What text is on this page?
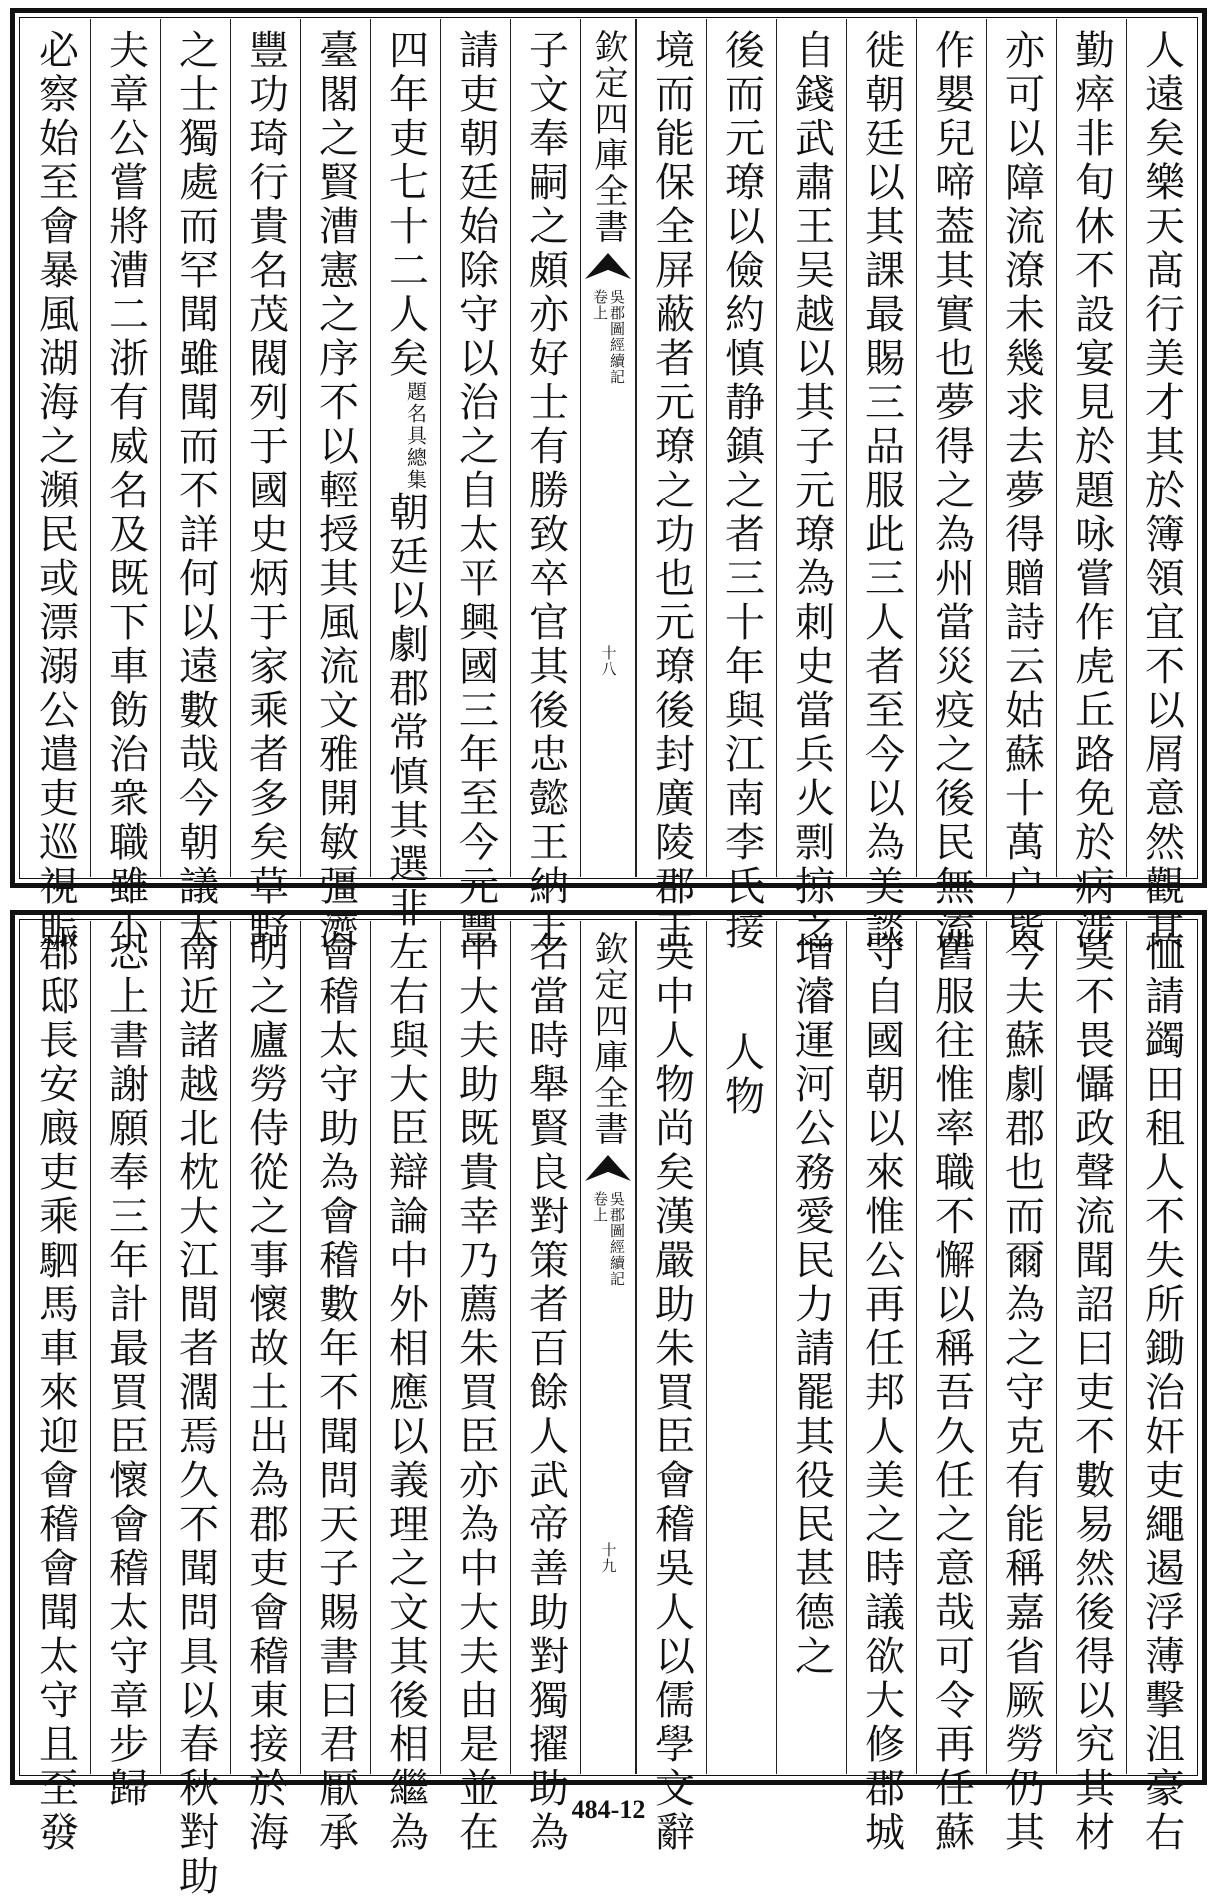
人遠矣樂天髙行美才其於簿領宜不以屑意然觀其
勤瘁非旬休不設宴見於題咏嘗作虎丘路免於病涉
亦可以障流潦未幾求去夢得贈詩云姑蘇十萬户皆
作嬰兒啼葢其實也夢得之為州當災疫之後民無流
徙朝廷以其課最賜三品服此三人者至今以為美談
自錢武肅王吴越以其子元璙為刺史當兵火剽掠之
後而元璙以儉約慎静鎮之者三十年與江南李氏接
境而能保全屏蔽者元璙之功也元璙後封廣陵郡王
欽定四庫全書
吳郡圖經續記
卷上
十八
子文奉嗣之頗亦好士有勝致卒官其後忠懿王納土
請吏朝廷始除守以治之自太平興國三年至今元豐
四年吏七十二人矣
題名具總集
朝廷以劇郡常慎其選非
臺閣之賢漕憲之序不以輕授其風流文雅開敏彊濟
豐功琦行貴名茂閥列于國史炳于家乘者多矣草野
之士獨處而罕聞雖聞而不詳何以遠數哉今朝議大
夫章公嘗將漕二浙有威名及既下車飭治衆職雖小
必察始至會暴風湖海之瀕民或漂溺公遣吏巡視賑
恤請蠲田租人不失所鋤治奸吏繩遏浮薄擊沮豪右
莫不畏懾政聲流聞詔曰吏不數易然後得以究其材
今夫蘇劇郡也而爾為之守克有能稱嘉省厥勞仍其
舊服往惟率職不懈以稱吾久任之意哉可令再任蘇
守自國朝以來惟公再任邦人美之時議欲大修郡城
增濬運河公務愛民力請罷其役民甚德之
人物
吳中人物尚矣漢嚴助朱買臣會稽吳人以儒學文辭
欽定四庫全書
吳郡圖經續記
卷上
十九
名當時舉賢良對策者百餘人武帝善助對獨擢助為
中大夫助既貴幸乃薦朱買臣亦為中大夫由是並在
左右與大臣辯論中外相應以義理之文其後相繼為
會稽太守助為會稽數年不聞問天子賜書曰君厭承
明之廬勞侍從之事懷故土出為郡吏會稽東接於海
南近諸越北枕大江間者濶焉久不聞問具以春秋對助
恐上書謝願奉三年計最買臣懷會稽太守章步歸
郡邸長安廄吏乘駟馬車來迎會稽會聞太守且至發	484-12
